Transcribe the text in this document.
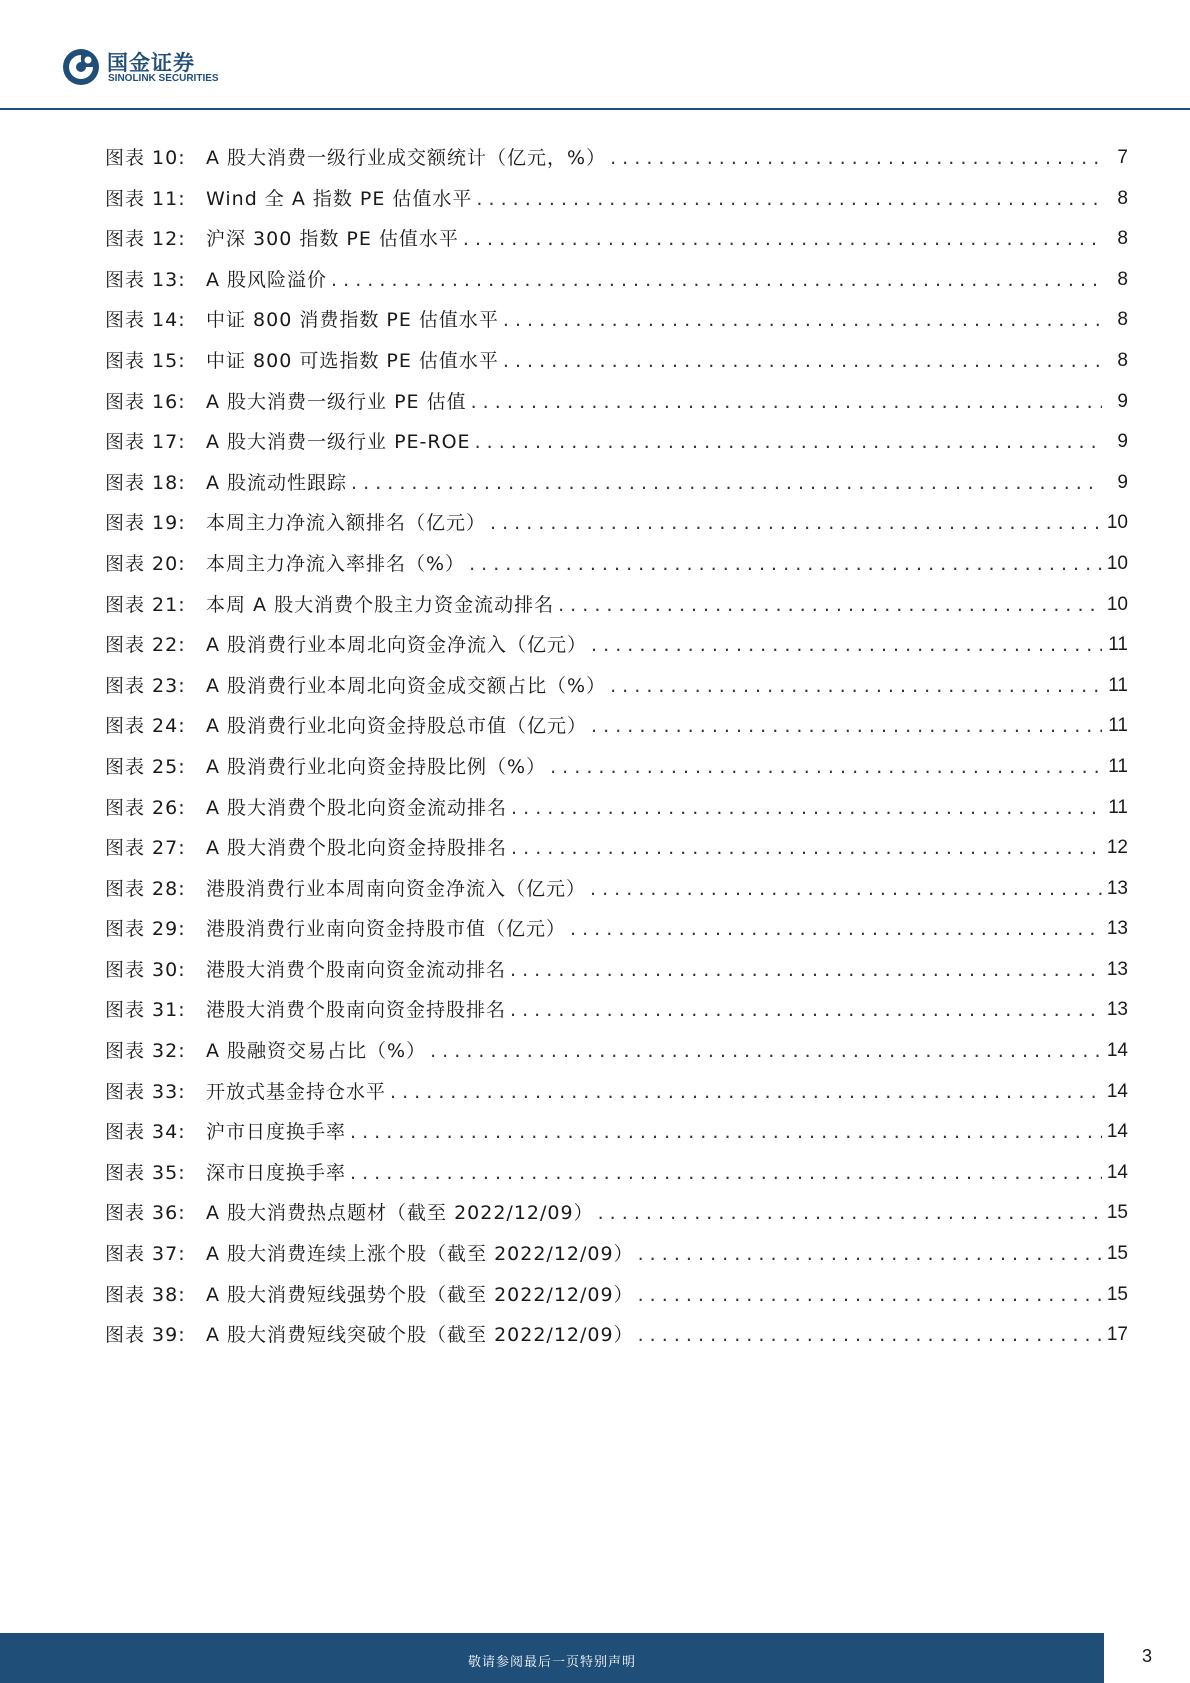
国金证券
SINOLINK SECURITIES
图表 10:	A 股大消费一级行业成交额统计（亿元，%） . . .	7
图表 11:	Wind 全 A 指数 PE 估值水平 . . .	8
图表 12:	沪深 300 指数 PE 估值水平 . . .	8
图表 13:	A 股风险溢价 . . .	8
图表 14:	中证 800 消费指数 PE 估值水平 . . .	8
图表 15:	中证 800 可选指数 PE 估值水平 . . .	8
图表 16:	A 股大消费一级行业 PE 估值 . . .	9
图表 17:	A 股大消费一级行业 PE-ROE . . .	9
图表 18:	A 股流动性跟踪 . . .	9
图表 19:	本周主力净流入额排名（亿元） . . .	10
图表 20:	本周主力净流入率排名（%） . . .	10
图表 21:	本周 A 股大消费个股主力资金流动排名 . . .	10
图表 22:	A 股消费行业本周北向资金净流入（亿元） . . .	11
图表 23:	A 股消费行业本周北向资金成交额占比（%） . . .	11
图表 24:	A 股消费行业北向资金持股总市值（亿元） . . .	11
图表 25:	A 股消费行业北向资金持股比例（%） . . .	11
图表 26:	A 股大消费个股北向资金流动排名 . . .	11
图表 27:	A 股大消费个股北向资金持股排名 . . .	12
图表 28:	港股消费行业本周南向资金净流入（亿元） . . .	13
图表 29:	港股消费行业南向资金持股市值（亿元） . . .	13
图表 30:	港股大消费个股南向资金流动排名 . . .	13
图表 31:	港股大消费个股南向资金持股排名 . . .	13
图表 32:	A 股融资交易占比（%） . . .	14
图表 33:	开放式基金持仓水平 . . .	14
图表 34:	沪市日度换手率 . . .	14
图表 35:	深市日度换手率 . . .	14
图表 36:	A 股大消费热点题材（截至 2022/12/09） . . .	15
图表 37:	A 股大消费连续上涨个股（截至 2022/12/09） . . .	15
图表 38:	A 股大消费短线强势个股（截至 2022/12/09） . . .	15
图表 39:	A 股大消费短线突破个股（截至 2022/12/09） . . .	17
敬请参阅最后一页特别声明	3
